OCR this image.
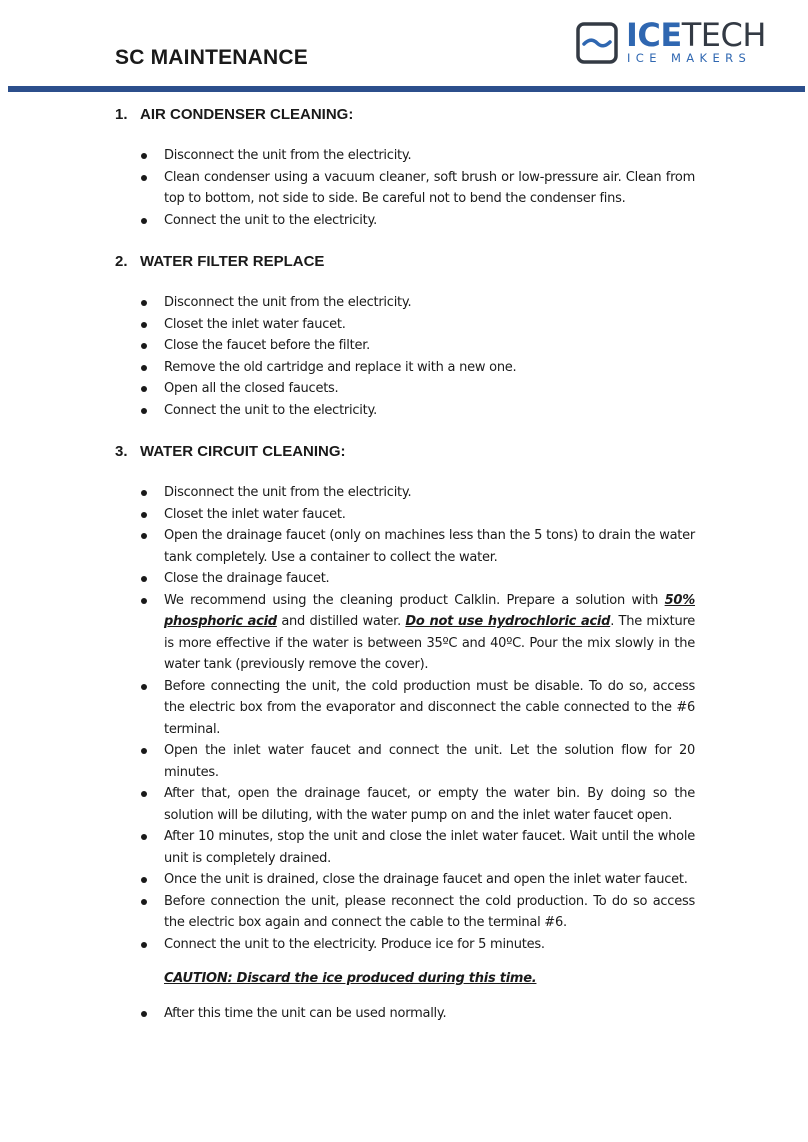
SC MAINTENANCE
ICETECH
ICE MAKERS
1. AIR CONDENSER CLEANING:
Disconnect the unit from the electricity.
Clean condenser using a vacuum cleaner, soft brush or low-pressure air. Clean from top to bottom, not side to side. Be careful not to bend the condenser fins.
Connect the unit to the electricity.
2. WATER FILTER REPLACE
Disconnect the unit from the electricity.
Closet the inlet water faucet.
Close the faucet before the filter.
Remove the old cartridge and replace it with a new one.
Open all the closed faucets.
Connect the unit to the electricity.
3. WATER CIRCUIT CLEANING:
Disconnect the unit from the electricity.
Closet the inlet water faucet.
Open the drainage faucet (only on machines less than the 5 tons) to drain the water tank completely. Use a container to collect the water.
Close the drainage faucet.
We recommend using the cleaning product Calklin. Prepare a solution with 50% phosphoric acid and distilled water. Do not use hydrochloric acid. The mixture is more effective if the water is between 35ºC and 40ºC. Pour the mix slowly in the water tank (previously remove the cover).
Before connecting the unit, the cold production must be disable. To do so, access the electric box from the evaporator and disconnect the cable connected to the #6 terminal.
Open the inlet water faucet and connect the unit. Let the solution flow for 20 minutes.
After that, open the drainage faucet, or empty the water bin. By doing so the solution will be diluting, with the water pump on and the inlet water faucet open.
After 10 minutes, stop the unit and close the inlet water faucet. Wait until the whole unit is completely drained.
Once the unit is drained, close the drainage faucet and open the inlet water faucet.
Before connection the unit, please reconnect the cold production. To do so access the electric box again and connect the cable to the terminal #6.
Connect the unit to the electricity. Produce ice for 5 minutes.

CAUTION: Discard the ice produced during this time.

After this time the unit can be used normally.
